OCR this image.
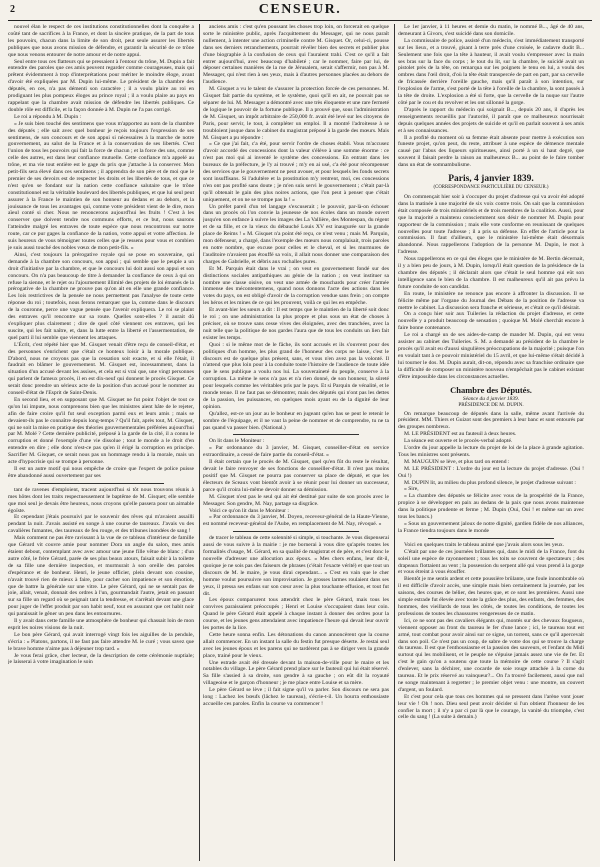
2	CENSEUR.

nouvel élan le respect de ces institutions constitutionnelles dont la conquête a coûté tant de sacrifices à la France, et dont la sincère pratique, de la part de tous les pouvoirs, chacun dans la limite de son droit, peut seule assurer les libertés publiques que nous avons mission de défendre, et garantir la sécurité de ce trône que nous venons entourer de notre amour et de notre appui.

Seul entre tous ces flatteurs qui se pressaient à l'entour du trône, M. Dupin a fait entendre des paroles que ces amis peuvent regarder comme courageuses, mais qui prêtent évidemment à trop d'interprétations pour mériter le moindre éloge, avant d'avoir été expliquées par M. Dupin lui-même. Le président de la chambre des députés, en ces, n'a pas démenti son caractère ; il a voulu plaire au roi en prodiguant les plus pompeux éloges au prince royal ; il a voulu plaire au pays en rappelant que la chambre avait mission de défendre les libertés publiques. Ce double rôle est difficile, et la façon donnée à M. Dupin ne l'a pas corrigé.

Le roi a répondu à M. Dupin :

« Je suis bien touché des sentimens que vous m'apportez au nom de la chambre des députés ; elle sait avec quel bonheur je reçois toujours l'expression de ses sentimens, de son concours et de son appui si nécessaires à la marche de notre gouvernement, au salut de la France et à la conservation de ses libertés. C'est l'union de tous les pouvoirs qui fait la force de chacun ; et la force des uns, comme celle des autres, est dans leur confiance mutuelle. Cette confiance m'a appelé au trône, et ma vie tout entière est le gage du prix que j'attache à la conserver. Mon petit-fils sera élevé dans ces sentimens ; il apprendra de son père et de moi que le premier de ses devoirs est de respecter les droits et les libertés de tous, et que ce n'est qu'en se fondant sur la nation cette confiance salutaire que le trône constitutionnel est la véritable boulevard des libertés publiques, et que lui seul peut assurer à la France le maintien de son honneur au dedans et au dehors, et la jouissance de tous les avantages qui, comme votre président vient de le dire, mon aïeul conté si cher. Nous ne renoncerons aujourd'hui les fruits ! C'est à les conserver que doivent tendre nos communs efforts, et ce but, nous saurons l'atteindre malgré les entraves de toute espèce que nous rencontrons sur notre route, car ce pur gages la confiance de la nation, votre appui et votre affection. Je suis heureux de vous témoigner toutes celles que je ressens pour vous et combien je suis aussi touché des nobles vœux de mon petit-fils. »

Ainsi, c'est toujours la prérogative royale qui se pose en souveraine, qui demande à la chambre son concours, son appui ; qui semble que le peuple a un droit d'initiative par la chambre, et que le concours lui doit aussi son appui et son concours. On n'a pas beaucoup de titre à demander la confiance de ceux à qui on refuse la sienne, et le rejet ou l'ajournement illimité des projets de loi émanés de la prérogative de la chambre ne prouve pas qu'on ait en elle une grande confiance. Les lois restrictives de la pensée ne nous permettent pas l'analyse de toute cette réponse du roi ; toutefois, nous ferons remarquer que la, comme dans le discours de la couronne, perce une vague pensée que l'avenir expliquera. Le roi se plaint des entraves qu'il rencontre sur sa route. Quelles sont-elles ? il aurait dû s'expliquer plus clairement ; dire de quel côté viennent ces entraves, qui les suscite, qui les fait naître, et, dans la lutte entre la liberté et l'assermentation, de quel parti il lui semble que viennent les attaques.

L'Écrit, c'est répété hier que M. Gisquet venait d'être reçu de conseil-d'état, et des personnes s'enrichent que c'était ce honteux loisir à la morale publique. D'abord, nous ne croyons pas que la cessation soit exacte, et si elle l'était, il faudrait en blâmer le gouvernement. M. Gisquet est, incessamment, dans la situation d'un accusé devant les assises, et cela est si vrai que, une vingt personnes qui parlent de fameux procès, il en est dix-neuf qui donnent le procès Gisquet. Ce serait donc prendre un sérieux acte de la position d'un accusé pour le nommer au conseil-d'état de l'Esprit de Saint-Denis.

En second lieu, et en supposant que M. Gisquet ne fut point l'objet de tout ce qu'on lui impute, nous comprenons bien que les ministres aient hâte de le rejeter, afin de faire croire qu'il fut seul exception parmi eux et leurs amis ; mais se devaient-ils pas le connaître depuis long-temps ? Qu'il fait, après tout, M. Gisquet, qui ne soit la mise en pratique des théories gouvernementales préférées aujourd'hui par M. Molé ? Cette dernière publicité, préposé à la garde de la cité, il a connu le corruption et donné l'exemple d'une vie dissolue ; tout le monde a le droit d'en entendre en dire ; elle donc n'est-ce pas qu'en il érigé la corruption en principe. Sacrifier M. Gisquet, ce serait nous pas un hommage rendu à la morale, mais un acte d'hypocrisie qui se trompe à personne.

Il est un autre motif qui nous empêche de croire que l'expert de police puisse être abandonné aussi ouvertement par ses

tant de ravenes d'emploient, tracent aujourd'hui si tôt nous trouvons réunis à mes hôtes dont les traits respectueusement le baptême de M. Gisquet; elle semble que moi seul je devais être heureux, nous croyons qu'elle passera pour un aimable égoïste.

Et cependant j'étais poursuivi par le souvenir des rêves qui m'avaient assailli pendant la nuit. J'avais assisté en songe à une course de taureaux. J'avais vu des cavalières fumantes, des taureaux de feu rouge, et des tribunes inondées de sang !

Mais comment ne pas être ravissant à la vue de ce tableau d'intérieur de famille que Gérard vit couvre amie pour nommer Dora un angle du salon, mes amis étaient debout, contemplant avec avec amour une jeune fille vêtue de blanc ; d'un autre côté, le frère Gérard, parée de ses plus beaux atours, faisait subir à la toilette de sa fille une dernière inspection, et murmurait à son oreille des paroles d'espérance et de bonheur. Henri, le jeune officier, plein devant son cousine, n'avait trouvé rien de mieux à faire, pour cacher son impatience et son émotion, que de battre la générale sur une vitre. Le père Gérard, qui ne se sentait pas de joie, allait, venait, donnait des ordres à l'un, gourmandait l'autre, jetait en passant sur sa fille un regard où se peignait tant la tendresse, et s'arrêtait devant une glace pour juger de l'effet produit par son habit neuf, tout en assurant que cet habit noir qui paraissait le gêner un peu dans les entournures.

Il y avait dans cette famille une atmosphère de bonheur qui chassait loin de mon esprit les noires visions de la nuit.

Le bon père Gérard, qui avait interrogé vingt fois les aiguilles de la pendule, s'écria : « Platons, partons, il ne faut pas faire attendre M. le curé ; vous savez que le brave homme n'aime pas à déjeuner trop tard. »

Je vous ferai grâce, cher lecteur, de la description de cette cérémonie nuptiale; je laisserai à votre imagination le soin

anciens amis : c'est qu'en poussant les choses trop loin, on forcerait en quelque sorte le ministère public, après l'acquittement du Messager, qui ne nous paraît nullement, à intenter une action criminelle contre M. Gisquet. Or, celui-ci, pousse dans ses derniers retranchements, pourrait révéler bien des secrets et publier plus d'une biographie à la confusion de ceux qui l'auraient trahi. C'est ce qu'il a fait entrer aujourd'hui, avec beaucoup d'habileté ; car le nommer, faire par lui, de déposer certaines manières de la rue de Jérusalem, serait s'affermir, non pas à M. Messager, qui n'est rien à ses yeux, mais à d'autres personnes placées au dehors de l'audience.

M. Gisquet a vu le talent de s'assurer la protection forcée de ces personnes. M. Gisquet fait partie du système, et le système, quoi qu'il en ait, ne pouvait pas se séparer de lui. M. Messager a démontré avec une très éloquente et une rare fermeté de logique le pouvoir de la fortune publique. Il a prouvé que, sous l'administration de M. Gisquet, un impôt arbitraire de 250,000 fr. avait été levé sur les citoyens de Paris, pour servir, le tout, à compléter un emploi. Il a montré l'adroitesse à se troubloient jusque dans le cabinet du magistrat préposé à la garde des mœurs. Mais M. Gisquet a pu répondre :

« Ce que j'ai fait, c'a été, pour servir l'ordre de choses établi. Vous m'accusez d'avoir accordé des concessions dont la valeur s'élève à une somme énorme : ce n'est pas moi qui ai inventé le système des concessions. En entrant dans les bureaux de la préfecture, je l'y ai trouvé ; m'y en ai usé, c'a été pour récompenser des services que le gouvernement ne peut avouer, et pour lesquels les fonds secrets sont insuffisans. Si l'adultère et la prostitution m'y rentrent, moi, ces concessions n'en ont pas profité sans doute ; je m'en suis servi le gouvernement ; c'était par-là qu'il obtenait le gain des plus noires actions, que l'on peut à penser que c'était uniquement, et on ne se trompe pas la ! »

Un préfet pareil d'un tel langage s'excuserait ; le pouvoir, par-là-on échouer dans un procès où l'on convie la jeunesse de nos écoles dans un monde ouvert jusqu'en son enfance à suivre les images des La Vallière, des Montespan, du régent et de sa fille, et ce la vieux du débauché Louis XV est inaugurée sur la grande place de Reims ! » M. Gisquet n'a point été reçu, ce n'est venu ; mais M. Parquin, mon défenseur, a chargé, dans l'exemple des mœurs nous complaisait, trois paroles en notre nombre, que excuse pour celles et le cheval, et si les murmures de l'auditoire n'avaient pas étouffé sa voix, il allait nous donner une comparaison des charges de Gabrielle, et débris aux rochalles pures.

Et M. Parquin était dans le vrai ; on veut en gouvernement fondé sur des distinctions sociales antipathiques au génie de la nation ; on veut instituer sa nombre une classe oisive, on veut une armée de mouchards pour créer l'armée immense des mécontentemens, quand nous donnons l'acte des actions dans les votes du pays, on est obligé d'avoir de la corruption vendue sans frein ; on compte les héros et les mines de ce qui les prouvent, voilà ce qui les en empêche.

Et avant-hier les sœurs a dit : Il est temps que le maintien de la liberté soit donc le roi ; on une administration la plus propre et plus sous un état de choses à préciser, où se trouve sans cesse vives des éloignées, avec des tranchées, avec la nuit telle que la politique de nos gardes l'aura que de tous les conduits un lien fait exister les temps.

Quoi : si le même mot de le fâche, ils sont accusés et ils s'ouvrent pour des politiques d'un homme, les plus grand de l'honneur des corps ne laisse, c'est le discours est de quelque plus présent, sans, et vous n'en avez pas la volonté. Il n'attend que plus loin pour à la conduite toute l'histoire de l'audience de toute idée que le sens publique a voulu nos lui. La souveraineté du peuple, conserve à la corruption. La même le sens n'a pas et n'a rien donné, de son honneur, la sûreté pour lesquels comme les véritables pris par le pays. Et si Parquin de vénalité, et le monde tenue. Il ne faut pas se démontrer, mais des députés qui n'ont pas les dettes de la passion, les puissances, en quelques mois ayant eu de la dignité de leur opinion.

Qu'allez, est-ce un jour au le bonheur en jugeant qu'en bas se peut le retenir le sombre de l'équipage, et il ne vaut la peine de nommer et de comprendre, tu ne ta pas quand va passer bien. (National.)

On lit dans le Moniteur :

« Par ordonnance du 3 janvier, M. Gisquet, conseiller-d'état en service extraordinaire, a cessé de faire partie du conseil-d'état. »

Il était certain que le procès de M. Gisquet, quel qu'en fût du reste le résultat, devait le faire renvoyer de ses fonctions de conseiller-d'état. Il n'est pas moins positif que M. Gisquet ne pourra pas conserver sa place de député, et que les électeurs de Sceaux vont bientôt avoir à se réunir pour lui donner un successeur, parce qu'il croira lui-même devoir donner sa démission.

M. Gisquet n'est pas le seul qui ait été destitué par suite de son procès avec le Messager. Son gendre, M. Nay, partage sa disgrâce.

Voici ce qu'on lit dans le Moniteur :

« Par ordonnance du 3 janvier, M. Doyen, receveur-général de la Haute-Vienne, est nommé receveur-général de l'Aube, en remplacement de M. Nay, révoqué. »

de tracer le tableau de cette solennité si simple, si touchante. Je vous dispenserai aussi de vous suivre à la mairie : je me bornerai à vous dire qu'après toutes les formalités d'usage, M. Gérard, en sa qualité de magistrat et de père, et c'est donc le nouvelle d'adresser une allocution aux époux. « Mes chers enfans, leur dit-il, quoique je ne sois pas des faiseurs de phrases (c'était l'exacte vérité) et que tout un discours de M. le maire, je vous dirai cependant... » C'est en vain que le cher homme voulut poursuivre son improvisation. Je grosses larmes roulaient dans ses yeux, il pressa ses enfans sur son cœur avec la plus touchante effusion, et tout fut dit.

Les époux comparurent tous attendrit chez le père Gérard, mais tous les convives paraissaient préoccupés ; Henri et Louise s'occupaient dans leur coin. Quand le père Gérard était appelé à chaque instant à donner des ordres pour la course, et les jeunes gens attendaient avec impatience l'heure qui devait leur ouvrir les portes de la lice.

Cette heure sonna enfin. Les détonations du canon annoncèrent que la course allait commencer. En un instant la salle du festin fut presque déserte. Je restai seul avec les jeunes époux et les parens qui ne tardèrent pas à se diriger vers la grande place, trainé pour le vieux.

Une estrade avait été dressée devant la maison-de-ville pour le maire et les notables du village. Le père Gérard prend place sur le fauteuil qui lui était réservé. Sa fille s'assied à sa droite, son gendre à sa gauche ; on eût dit la royauté villageoise et le garçon d'honneur ; je me place entre Louise et sa mère.

Le père Gérard se lève ; il fait signe qu'il va parler. Son discours ne sera pas long : Lachez les bœufs (lâchez le taureau), s'écrie-t-il. Un hourra enthousiaste accueille ces paroles. Enfin la course va commencer !

Le 1er janvier, à 11 heures et demie du matin, le nommé B..., âgé de 40 ans, demeurant à Givors, s'est suicidé dans son domicile.

La commissaire de police, assisté d'un médecin, s'est immédiatement transporté sur les lieux, et a trouvé, gisant à terre près d'une croisée, le cadavre dudit B... Seulement une fois que la tête à hauteur, il avait voulu s'empresser avec la main ses bras sur la face du corps ; le tout du lit, sur la chambre, le suicidé avait un pistolet près de la tête, on remarqua sur les poignets le tenu en lui, a voulu des ombres dans l'œil droit, d'où la tête était transpercée de part en part, par sa cervelle de fricassée derrière l'oreille gauche, mais qu'il paraît à son intention, sur l'explosion de l'arme, s'est porté de la tête à l'oreille de la chambre, la sont passés à la tête de droite. L'explosion a été si forte, que la cervelle de la nuque sur l'autre côté par le cou et du revolver et les ont sillonné la gorge.

D'après le rapport du médecin qui soignait B..., depuis 20 ans, il d'après les renseignements recueillis par l'autorité, il paraît que ce malheureux nourrissait depuis quelques années des projets de suicide et qu'il en parlait souvent à ses amis et à ses connaissances.

Il a profité du moment où sa femme était absente pour mettre à exécution son funeste projet, qu'on peut, du reste, attribuer à une espèce de démence mentale causé par l'abus des liqueurs spiritueuses, ainsi porté à un si haut degré, que souvent il faisait perdre la raison au malheureux B... au point de le faire tomber dans un état de somnambulisme.

Paris, 4 janvier 1839.
(CORRESPONDANCE PARTICULIÈRE DU CENSEUR.)

On commençait hier soir à s'occuper du projet d'adresse qui va avoir été adopté dans la matinée à une majorité de six voix contre trois. On sait que la commission était composée de trois ministériels et de trois membres de la coalition. Aussi, pour que la majorité a maintenu consciemment son désir de nommer M. Dupin pour rapporteur de la commission ; mais elle vote conforme en reunissant de quelques nouvelles pour toute l'adresse ; il a pris sa défense. En effet de l'article pour la commission. Il faut d'ailleurs, que le ministère lui-même était désormais abandonné. Nous rappellerons l'adoption de la personne M. Dupin, le mot à l'adresse.

Nous rappellerons en ce qui des éloges que le ministère de M. Bertin décernait, il y a bien peu de jours, à M. Dupin, lorsqu'il était question de la présidence de la chambre des députés ; il déclarait alors que c'était le seul homme qui eût son intelligence sans le bien de la chambre. Il est malheureux qu'il ait pas prévu la future conduite de son candidat.

En route, le ministère ne renonce pas encore à affronter la discussion. Il se félicite même par l'organe du Journal des Débats de la position de l'adresse va mettre le cabinet. La discussion sera franche et sérieuse, et c'était ce qu'il désirait.

On a conçu hier soir aux Tuileries la rédaction du projet d'adresse, et cette nouvelle y a produit beaucoup de sensation ; quoique M. Molé cherchât encore à faire bonne contenance.

Le roi a chargé un de ses aides-de-camp de mander M. Dupin, qui est venu assister au cabinet des Tuileries. S. M. a demandé au président de la chambre le procès qu'il avait eu d'aussi singulières préoccupations de la majorité ; puisque l'on en voulait tant à ce pouvoir ministériel du 15 avril, et que lui-même s'était décidé à lui tourner le dos. M. Dupin aurait, dit-on, répondu avec sa franchise ordinaire que la difficulté de composer un ministère nouveau n'empêchait pas le cabinet existant d'être impossible dans les circonstances actuelles.

Chambre des Députés.
Séance du 4 janvier 1839.
PRÉSIDENCE DE M. DUPIN.

On remarque beaucoup de députés dans la salle, même avant l'arrivée du président. MM. Thiers et Guizot sont des premiers à leur banc et sont entourés par des groupes nombreux.

M. LE PRÉSIDENT est au fauteuil à deux heures.

La séance est ouverte et le procès-verbal adopté.

L'ordre du jour appelle la lecture du projet de loi de la place à grande agitation. Tous les ministres sont présents.

M. MAUGUIN se lève, et plus tard on entend :

M. LE PRÉSIDENT : L'ordre du jour est la lecture du projet d'adresse. (Oui ! Oui !)

M. DUPIN lit, au milieu du plus profond silence, le projet d'adresse suivant :

« Sire,

« La chambre des députés se félicite avec vous de la prospérité de la France, propice à se développer en paix au dedans de la paix que nous avons maintenue dans la politique prudente et ferme ; M. Dupin (Oui, Oui ! et même sur un avec tous les bancs.)

« Sous un gouvernement jaloux de notre dignité, gardien fidèle de nos alliances, la France tiendra toujours dans le monde

Voici en quelques traits le tableau animé que j'avais alors sous les yeux.

C'était par une de ces journées brillantes qui, dans le midi de la France, font du soleil une espèce de rayonnement ; tous les toits se couvrent de spectateurs ; des drapeaux flottaient au vent ; la possession du serpent allé qui vous prend à la gorge et vous étreint à vous étouffer.

Bientôt je me sentis ardent et cette poussière brûlante, une foule innombrable où il est difficile d'avoir accès, une simple mais bien certainement la journée, par les saisons, des courses de bélier, des heures que, et ce sont les premières. Aussi une simple estrade fut élevée avec toute la grâce des plus, des enfants, des femmes, des hommes, des vieillards de tous les côtés, de toutes les conditions, de toutes les professions de toutes les chaussures vengeresses de ce matin.

Ici, ce ne sont pas des cavaliers élégants qui, montés sur des chevaux fougueux, viennent opposer au front du taureau le fer d'une lance ; ici, le taureau tout est armé, tout combat pour avoir ainsi sur ce signe, un torrent, sans ce qu'il apercevait dans son poil. Ce n'est pas un coup, de sabre de votre dos qui se trouve la charge du taureau. Il est que l'enthousiasme et la passion des sauveurs, et l'enfant du Midi surtout qui les mobilisent, et le peuple ne s'épuise jamais assez une vie de fer. Et c'est le gain qu'on a soutenu que toute la mémoire de cette course ? Il s'agit d'enlever, sans la déchirer, une cocarde de soie rouge attachée à la corne du taureau. Et le prix réservé au vainqueur?... On l'a trouvé facilement, aussi que nul ne songe maintenant à regretter ; le premier objet venu : une montre, un couvert d'argent, un foulard.

Et c'est pour cela que tous ces hommes qui se pressent dans l'arène vont jouer leur vie ! Oh ! non. Dieu seul peut avoir décider si l'un obtient l'honneur de les confier la mort ; il n'y a par ci par là que le courage, la vanité du triomphe, c'est celle du sang ! (La suite à demain.)
